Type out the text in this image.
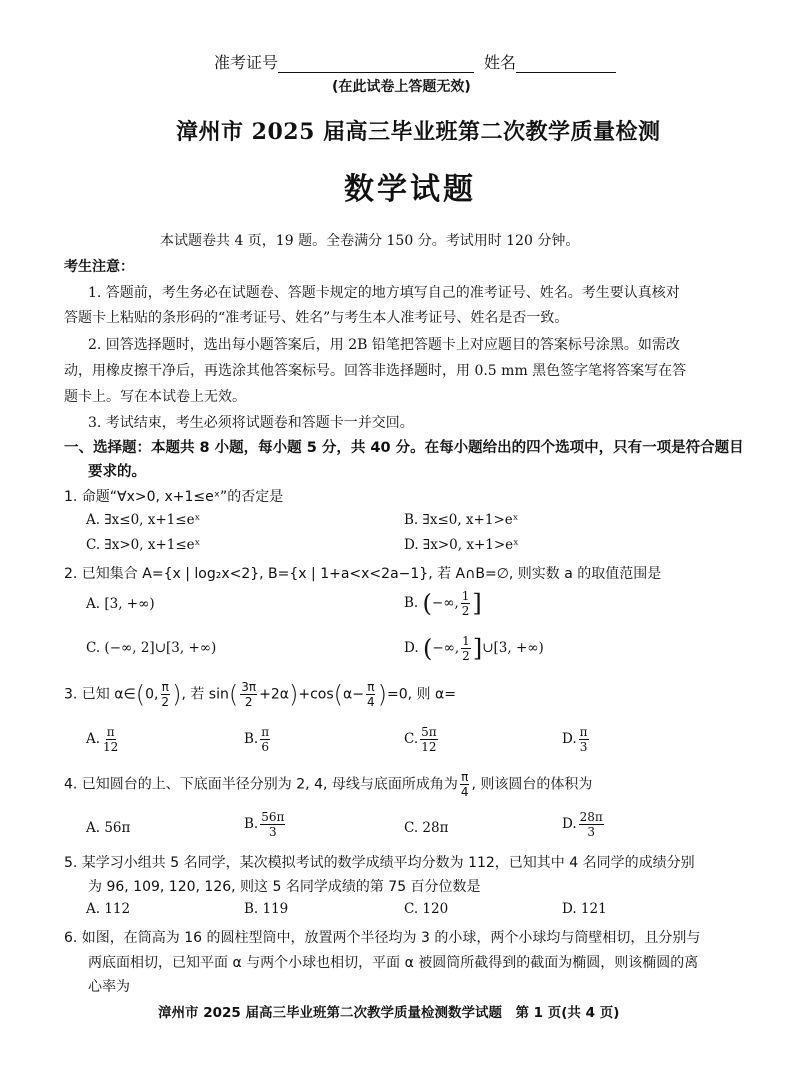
准考证号	姓名
(在此试卷上答题无效)
漳州市 2025 届高三毕业班第二次教学质量检测
数学试题
本试题卷共 4 页，19 题。全卷满分 150 分。考试用时 120 分钟。
考生注意：
1. 答题前，考生务必在试题卷、答题卡规定的地方填写自己的准考证号、姓名。考生要认真核对
答题卡上粘贴的条形码的“准考证号、姓名”与考生本人准考证号、姓名是否一致。
2. 回答选择题时，选出每小题答案后，用 2B 铅笔把答题卡上对应题目的答案标号涂黑。如需改
动，用橡皮擦干净后，再选涂其他答案标号。回答非选择题时，用 0.5 mm 黑色签字笔将答案写在答
题卡上。写在本试卷上无效。
3. 考试结束，考生必须将试题卷和答题卡一并交回。
一、选择题：本题共 8 小题，每小题 5 分，共 40 分。在每小题给出的四个选项中，只有一项是符合题目
要求的。
1. 命题“∀x>0, x+1≤eˣ”的否定是
A. ∃x≤0, x+1≤eˣ	B. ∃x≤0, x+1>eˣ
C. ∃x>0, x+1≤eˣ	D. ∃x>0, x+1>eˣ
2. 已知集合 A={x | log₂x<2}, B={x | 1+a<x<2a−1}, 若 A∩B=∅, 则实数 a 的取值范围是
A. [3, +∞)	B. (−∞, $\frac{1}{2}$ ]
C. (−∞, 2]∪[3, +∞)	D. (−∞, $\frac{1}{2}$ ]∪[3, +∞)
3. 已知 α∈(0, $\frac{\pi}{2}$ ), 若 $\sin( \frac{3\pi}{2} +2\alpha)+\cos(\alpha- \frac{\pi}{4} )=0$, 则 α=
A. $\frac{\pi}{12}$	B. $\frac{\pi}{6}$	C. $\frac{5\pi}{12}$	D. $\frac{\pi}{3}$
4. 已知圆台的上、下底面半径分别为 2, 4, 母线与底面所成角为 $\frac{\pi}{4}$ , 则该圆台的体积为
A. 56π	B. $\frac{56\pi}{3}$	C. 28π	D. $\frac{28\pi}{3}$
5. 某学习小组共 5 名同学，某次模拟考试的数学成绩平均分数为 112，已知其中 4 名同学的成绩分别
为 96, 109, 120, 126, 则这 5 名同学成绩的第 75 百分位数是
A. 112	B. 119	C. 120	D. 121
6. 如图，在筒高为 16 的圆柱型筒中，放置两个半径均为 3 的小球，两个小球均与筒壁相切，且分别与
两底面相切，已知平面 α 与两个小球也相切，平面 α 被圆筒所截得到的截面为椭圆，则该椭圆的离
心率为
漳州市 2025 届高三毕业班第二次教学质量检测数学试题　第 1 页(共 4 页)
